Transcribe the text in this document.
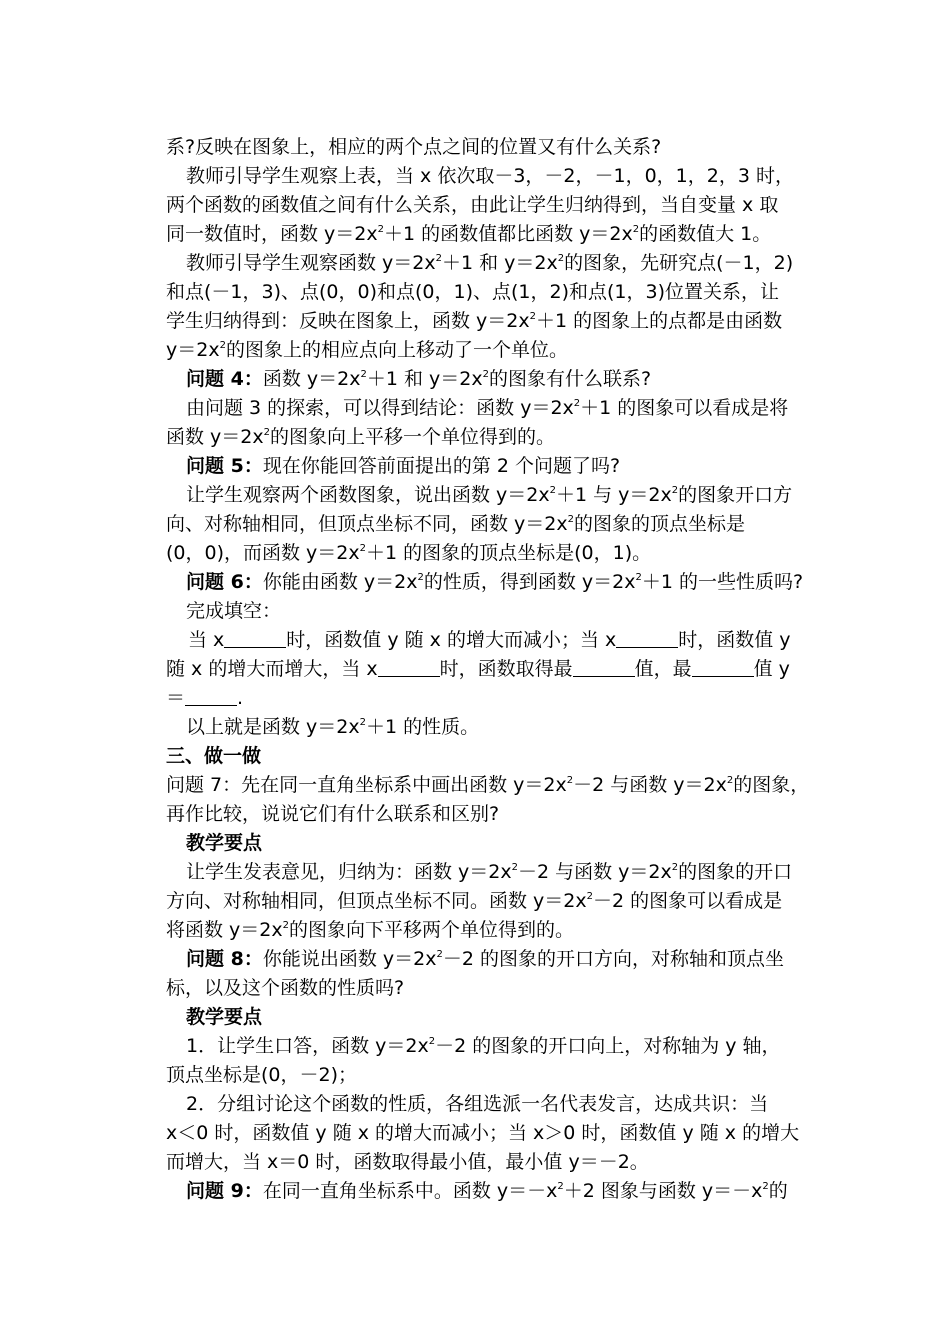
系?反映在图象上，相应的两个点之间的位置又有什么关系?
教师引导学生观察上表，当 x 依次取－3，－2，－1，0，1，2，3 时，
两个函数的函数值之间有什么关系，由此让学生归纳得到，当自变量 x 取
同一数值时，函数 $y=2x^2+1$ 的函数值都比函数 $y=2x^2$的函数值大 1。
教师引导学生观察函数 $y=2x^2+1$ 和 $y=2x^2$的图象，先研究点(－1，2)
和点(－1，3)、点(0，0)和点(0，1)、点(1，2)和点(1，3)位置关系，让
学生归纳得到：反映在图象上，函数 $y=2x^2+1$ 的图象上的点都是由函数
$y=2x^2$的图象上的相应点向上移动了一个单位。
问题 4：函数 $y=2x^2+1$ 和 $y=2x^2$的图象有什么联系?
由问题 3 的探索，可以得到结论：函数 $y=2x^2+1$ 的图象可以看成是将
函数 $y=2x^2$的图象向上平移一个单位得到的。
问题 5：现在你能回答前面提出的第 2 个问题了吗?
让学生观察两个函数图象，说出函数 $y=2x^2+1$ 与 $y=2x^2$的图象开口方
向、对称轴相同，但顶点坐标不同，函数 $y=2x^2$的图象的顶点坐标是
(0，0)，而函数 $y=2x^2+1$ 的图象的顶点坐标是(0，1)。
问题 6：你能由函数 $y=2x^2$的性质，得到函数 $y=2x^2+1$ 的一些性质吗?
完成填空：
当 x	时，函数值 y 随 x 的增大而减小；当 x	时，函数值 y
随 x 的增大而增大，当 x	时，函数取得最	值，最	值 y
＝	.
以上就是函数 $y=2x^2+1$ 的性质。
三、做一做
问题 7：先在同一直角坐标系中画出函数 $y=2x^2-2$ 与函数 $y=2x^2$的图象，
再作比较，说说它们有什么联系和区别?
教学要点
让学生发表意见，归纳为：函数 $y=2x^2-2$ 与函数 $y=2x^2$的图象的开口
方向、对称轴相同，但顶点坐标不同。函数 $y=2x^2-2$ 的图象可以看成是
将函数 $y=2x^2$的图象向下平移两个单位得到的。
问题 8：你能说出函数 $y=2x^2-2$ 的图象的开口方向，对称轴和顶点坐
标，以及这个函数的性质吗?
教学要点
1．让学生口答，函数 $y=2x^2-2$ 的图象的开口向上，对称轴为 y 轴，
顶点坐标是(0，－2)；
2．分组讨论这个函数的性质，各组选派一名代表发言，达成共识：当
x＜0 时，函数值 y 随 x 的增大而减小；当 x＞0 时，函数值 y 随 x 的增大
而增大，当 x＝0 时，函数取得最小值，最小值 y＝－2。
问题 9：在同一直角坐标系中。函数 $y=-x^2+2$ 图象与函数 $y=-x^2$的
